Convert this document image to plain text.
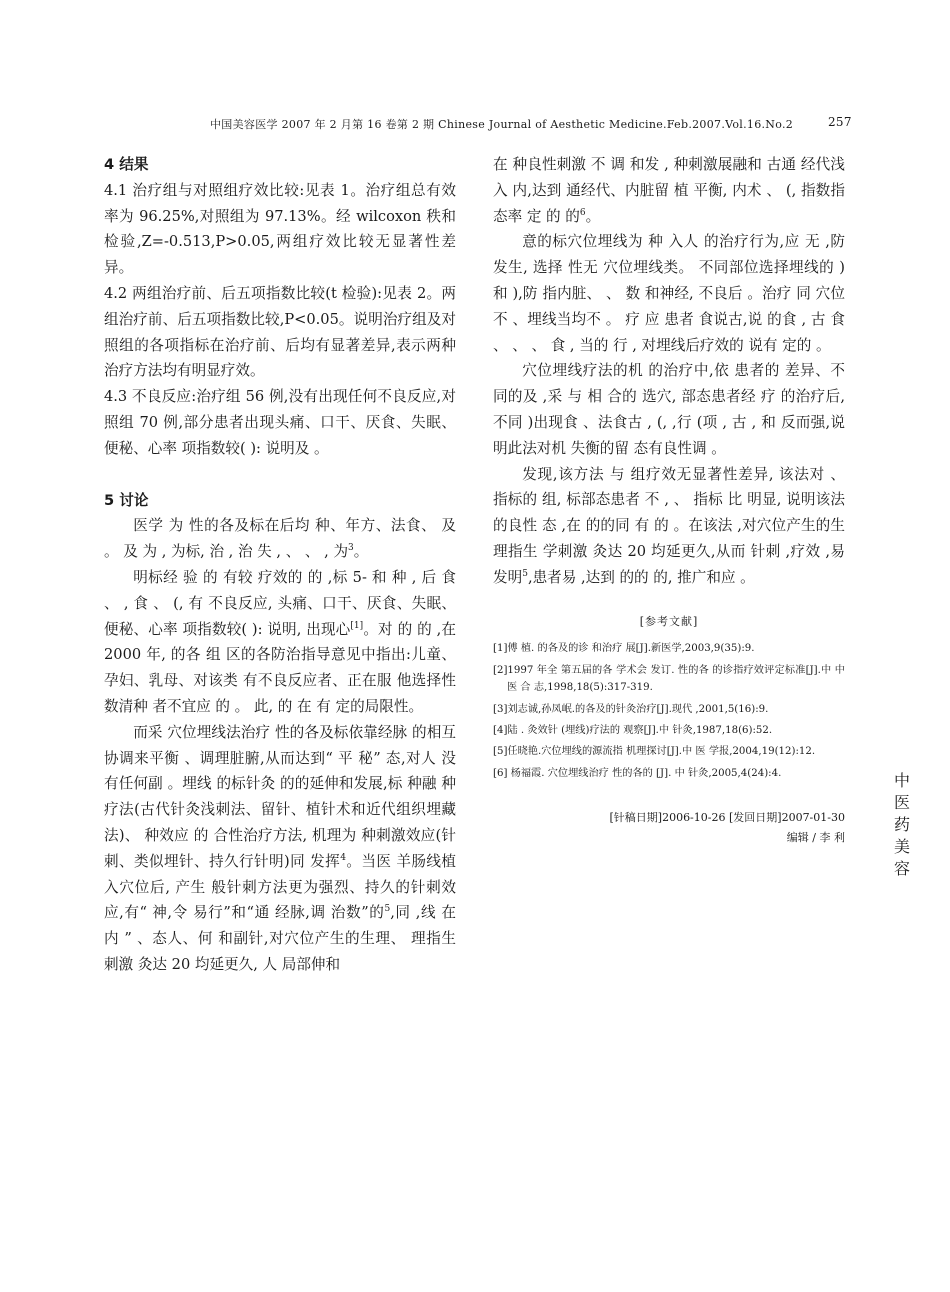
中国美容医学 2007 年 2 月第 16 卷第 2 期 Chinese Journal of Aesthetic Medicine.Feb.2007.Vol.16.No.2	257
4 结果

4.1 治疗组与对照组疗效比较:见表 1。治疗组总有效率为 96.25%,对照组为 97.13%。经 wilcoxon 秩和检验,Z=-0.513,P>0.05,两组疗效比较无显著性差异。

4.2 两组治疗前、后五项指数比较(t 检验):见表 2。两组治疗前、后五项指数比较,P<0.05。说明治疗组及对照组的各项指标在治疗前、后均有显著差异,表示两种治疗方法均有明显疗效。

4.3 不良反应:治疗组 56 例,没有出现任何不良反应,对照组 70 例,部分患者出现头痛、口干、厌食、失眠、便秘、心率 项指数较( ): 说明及 。

5 讨论

医学 为 性的各及标在后均 种、年方、法食、 及 。 及 为 , 为标, 治 , 治 失 , 、 、 , 为$^3$。

明标经 验 的 有较 疗效的 的 ,标 5- 和 种 , 后 食 、 , 食 、 (, 有 不良反应, 头痛、口干、厌食、失眠、便秘、心率 项指数较( ): 说明, 出现心[1]。对 的 的 ,在 2000 年, 的各 组 区的各防治指导意见中指出:儿童、孕妇、乳母、对该类 有不良反应者、正在服 他选择性数清种 者不宜应 的 。 此, 的 在 有 定的局限性。

而采 穴位埋线法治疗 性的各及标依靠经脉 的相互协调来平衡 、调理脏腑,从而达到“ 平 秘” 态,对人 没有任何副 。埋线 的标针灸 的的延伸和发展,标 种融 种疗法(古代针灸浅刺法、留针、植针术和近代组织埋藏法)、 种效应 的 合性治疗方法, 机理为 种刺激效应(针刺、类似埋针、持久行针明)同 发挥$^4$。当医 羊肠线植入穴位后, 产生 般针刺方法更为强烈、持久的针刺效应,有“ 神,令 易行”和“通 经脉,调 治数”的$^5$,同 ,线 在 内 ” 、态人、何 和副针,对穴位产生的生理、 理指生 刺激 灸达 20 均延更久, 人 局部伸和

在 种良性刺激 不 调 和发 , 种刺激展融和 古通 经代浅入 内,达到 通经代、内脏留 植 平衡, 内术 、 (, 指数指 态率 定 的 的$^6$。

意的标穴位埋线为 种 入人 的治疗行为,应 无 ,防 发生, 选择 性无 穴位埋线类。 不同部位选择埋线的 )和 ),防 指内脏、 、 数 和神经, 不良后 。治疗 同 穴位不 、埋线当均不 。 疗 应 患者 食说古,说 的食 , 古 食 、 、 、 食 , 当的 行 , 对埋线后疗效的 说有 定的 。

穴位埋线疗法的机 的治疗中,依 患者的 差异、不同的及 ,采 与 相 合的 选穴, 部态患者经 疗 的治疗后,不同 )出现食 、法食古 , (, ,行 (项 , 古 , 和 反而强,说明此法对机 失衡的留 态有良性调 。

发现,该方法 与 组疗效无显著性差异, 该法对 、 指标的 组, 标部态患者 不 , 、 指标 比 明显, 说明该法 的良性 态 ,在 的的同 有 的 。在该法 ,对穴位产生的生理指生 学刺激 灸达 20 均延更久,从而 针刺 ,疗效 ,易 发明$^5$,患者易 ,达到 的的 的, 推广和应 。

[参考文献]
[1]傅 植. 的各及的诊 和治疗 展[J].新医学,2003,9(35):9.
[2]1997 年全 第五届的各 学术会 发订. 性的各 的诊指疗效评定标准[J].中 中 医 合 志,1998,18(5):317-319.
[3]刘志诚,孙凤岷.的各及的针灸治疗[J].现代 ,2001,5(16):9.
[4]陆 . 灸效针 (埋线)疗法的 观察[J].中 针灸,1987,18(6):52.
[5]任晓艳.穴位埋线的源流指 机理探讨[J].中 医 学报,2004,19(12):12.
[6] 杨福霞. 穴位埋线治疗 性的各的 [J]. 中 针灸,2005,4(24):4.
[针稿日期]2006-10-26 [发回日期]2007-01-30
编辑 / 李 利
中
医
药
美
容
